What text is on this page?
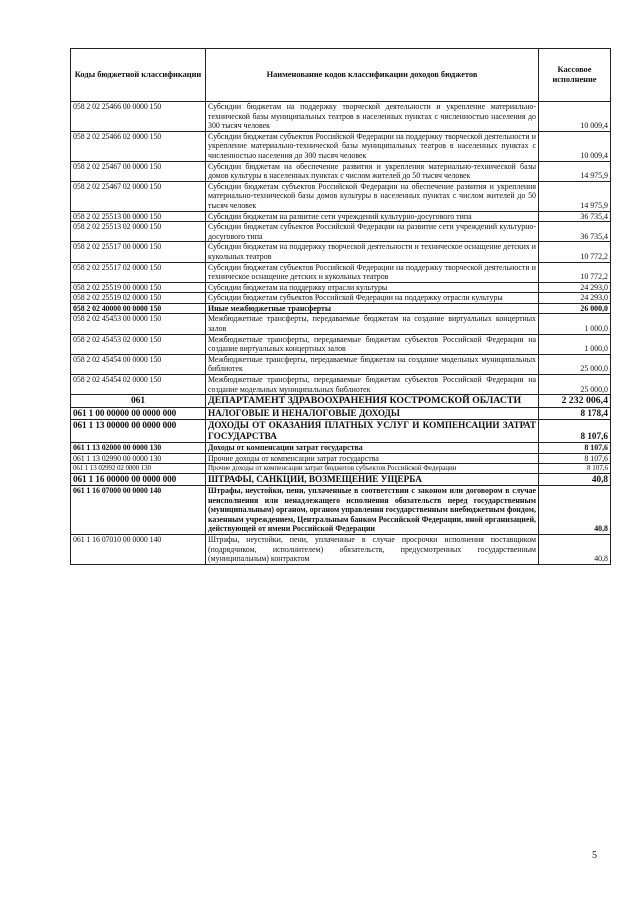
Коды бюджетной классификации	Наименование кодов классификации доходов бюджетов	Кассовое исполнение
058 2 02 25466 00 0000 150	Субсидии бюджетам на поддержку творческой деятельности и укрепление материально-технической базы муниципальных театров в населенных пунктах с численностью населения до 300 тысяч человек	10 009,4
058 2 02 25466 02 0000 150	Субсидии бюджетам субъектов Российской Федерации на поддержку творческой деятельности и укрепление материально-технической базы муниципальных театров в населенных пунктах с численностью населения до 300 тысяч человек	10 009,4
058 2 02 25467 00 0000 150	Субсидии бюджетам на обеспечение развития и укрепления материально-технической базы домов культуры в населенных пунктах с числом жителей до 50 тысяч человек	14 975,9
058 2 02 25467 02 0000 150	Субсидии бюджетам субъектов Российской Федерации на обеспечение развития и укрепления материально-технической базы домов культуры в населенных пунктах с числом жителей до 50 тысяч человек	14 975,9
058 2 02 25513 00 0000 150	Субсидии бюджетам на развитие сети учреждений культурно-досугового типа	36 735,4
058 2 02 25513 02 0000 150	Субсидии бюджетам субъектов Российской Федерации на развитие сети учреждений культурно-досугового типа	36 735,4
058 2 02 25517 00 0000 150	Субсидии бюджетам на поддержку творческой деятельности и техническое оснащение детских и кукольных театров	10 772,2
058 2 02 25517 02 0000 150	Субсидии бюджетам субъектов Российской Федерации на поддержку творческой деятельности и техническое оснащение детских и кукольных театров	10 772,2
058 2 02 25519 00 0000 150	Субсидии бюджетам на поддержку отрасли культуры	24 293,0
058 2 02 25519 02 0000 150	Субсидии бюджетам субъектов Российской Федерации на поддержку отрасли культуры	24 293,0
058 2 02 40000 00 0000 150	Иные межбюджетные трансферты	26 000,0
058 2 02 45453 00 0000 150	Межбюджетные трансферты, передаваемые бюджетам на создание виртуальных концертных залов	1 000,0
058 2 02 45453 02 0000 150	Межбюджетные трансферты, передаваемые бюджетам субъектов Российской Федерации на создание виртуальных концертных залов	1 000,0
058 2 02 45454 00 0000 150	Межбюджетные трансферты, передаваемые бюджетам на создание модельных муниципальных библиотек	25 000,0
058 2 02 45454 02 0000 150	Межбюджетные трансферты, передаваемые бюджетам субъектов Российской Федерации на создание модельных муниципальных библиотек	25 000,0
061	ДЕПАРТАМЕНТ ЗДРАВООХРАНЕНИЯ КОСТРОМСКОЙ ОБЛАСТИ	2 232 006,4
061 1 00 00000 00 0000 000	НАЛОГОВЫЕ И НЕНАЛОГОВЫЕ ДОХОДЫ	8 178,4
061 1 13 00000 00 0000 000	ДОХОДЫ ОТ ОКАЗАНИЯ ПЛАТНЫХ УСЛУГ И КОМПЕНСАЦИИ ЗАТРАТ ГОСУДАРСТВА	8 107,6
061 1 13 02000 00 0000 130	Доходы от компенсации затрат государства	8 107,6
061 1 13 02990 00 0000 130	Прочие доходы от компенсации затрат государства	8 107,6
061 1 13 02992 02 0000 130	Прочие доходы от компенсации затрат бюджетов субъектов Российской Федерации	8 107,6
061 1 16 00000 00 0000 000	ШТРАФЫ, САНКЦИИ, ВОЗМЕЩЕНИЕ УЩЕРБА	40,8
061 1 16 07000 00 0000 140	Штрафы, неустойки, пени, уплаченные в соответствии с законом или договором в случае неисполнения или ненадлежащего исполнения обязательств перед государственным (муниципальным) органом, органом управления государственным внебюджетным фондом, казенным учреждением, Центральным банком Российской Федерации, иной организацией, действующей от имени Российской Федерации	40,8
061 1 16 07010 00 0000 140	Штрафы, неустойки, пени, уплаченные в случае просрочки исполнения поставщиком (подрядчиком, исполнителем) обязательств, предусмотренных государственным (муниципальным) контрактом	40,8
5
